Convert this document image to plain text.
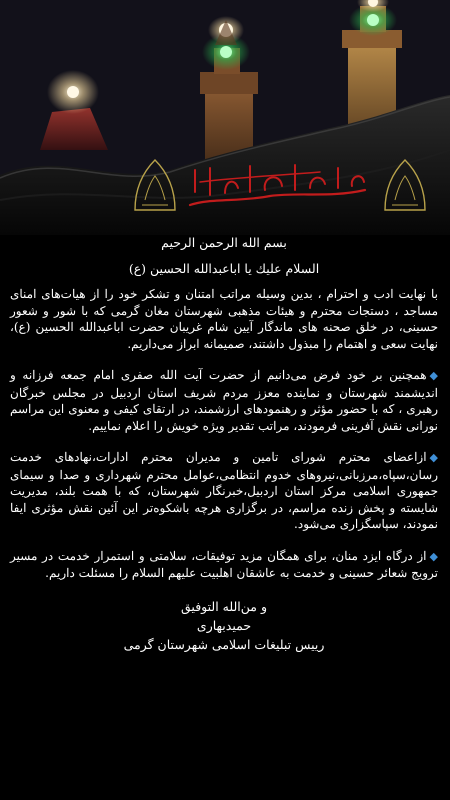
بسم الله الرحمن الرحیم
السلام علیك یا اباعبدالله الحسین (ع)

با نهایت ادب و احترام ، بدین وسیله مراتب امتنان و تشکر خود را از هیات‌های امنای مساجد ، دستجات محترم و هیئات مذهبی شهرستان مغان گرمی که با شور و شعور حسینی، در خلق صحنه های ماندگار آیین شام غریبان حضرت اباعبدالله الحسین (ع)، نهایت سعی و اهتمام را مبذول داشتند، صمیمانه ابراز می‌داریم.

◆همچنین بر خود فرض می‌دانیم از حضرت آیت الله صفری امام جمعه فرزانه و اندیشمند شهرستان و نماینده معزز مردم شریف استان اردبیل در مجلس خبرگان رهبری ، که با حضور مؤثر و رهنمودهای ارزشمند، در ارتقای کیفی و معنوی این مراسم نورانی نقش آفرینی فرمودند، مراتب تقدیر ویژه خویش را اعلام نماییم.

◆ازاعضای محترم شورای تامین و مدیران محترم ادارات،نهادهای خدمت رسان،سپاه،مرزبانی،نیروهای خدوم انتظامی،عوامل محترم شهرداری و صدا و سیمای جمهوری اسلامی مرکز استان اردبیل،خبرنگار شهرستان، که با همت بلند، مدیریت شایسته و پخش زنده مراسم، در برگزاری هرچه باشکوه‌تر این آئین نقش مؤثری ایفا نمودند، سپاسگزاری می‌شود.

◆از درگاه ایزد منان، برای همگان مزید توفیقات، سلامتی و استمرار خدمت در مسیر ترویج شعائر حسینی و خدمت به عاشقان اهلبیت علیهم السلام را مسئلت داریم.

و من‌الله التوفیق
حمیدبهاری
رییس تبلیغات اسلامی شهرستان گرمی
